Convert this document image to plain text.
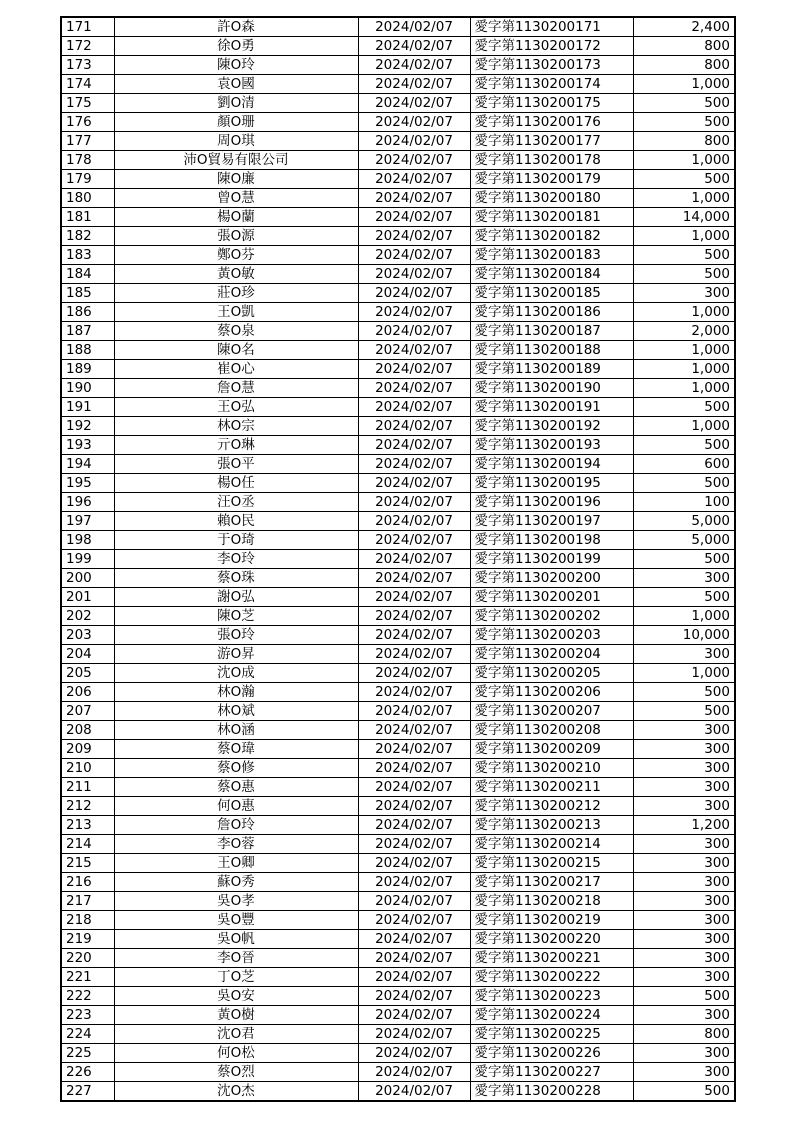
171	許O森	2024/02/07	愛字第1130200171	2,400
172	徐O勇	2024/02/07	愛字第1130200172	800
173	陳O玲	2024/02/07	愛字第1130200173	800
174	袁O國	2024/02/07	愛字第1130200174	1,000
175	劉O清	2024/02/07	愛字第1130200175	500
176	顏O珊	2024/02/07	愛字第1130200176	500
177	周O琪	2024/02/07	愛字第1130200177	800
178	沛O貿易有限公司	2024/02/07	愛字第1130200178	1,000
179	陳O廉	2024/02/07	愛字第1130200179	500
180	曾O慧	2024/02/07	愛字第1130200180	1,000
181	楊O蘭	2024/02/07	愛字第1130200181	14,000
182	張O源	2024/02/07	愛字第1130200182	1,000
183	鄭O芬	2024/02/07	愛字第1130200183	500
184	黃O敏	2024/02/07	愛字第1130200184	500
185	莊O珍	2024/02/07	愛字第1130200185	300
186	王O凱	2024/02/07	愛字第1130200186	1,000
187	蔡O泉	2024/02/07	愛字第1130200187	2,000
188	陳O名	2024/02/07	愛字第1130200188	1,000
189	崔O心	2024/02/07	愛字第1130200189	1,000
190	詹O慧	2024/02/07	愛字第1130200190	1,000
191	王O弘	2024/02/07	愛字第1130200191	500
192	林O宗	2024/02/07	愛字第1130200192	1,000
193	亓O琳	2024/02/07	愛字第1130200193	500
194	張O平	2024/02/07	愛字第1130200194	600
195	楊O任	2024/02/07	愛字第1130200195	500
196	汪O丞	2024/02/07	愛字第1130200196	100
197	賴O民	2024/02/07	愛字第1130200197	5,000
198	于O琦	2024/02/07	愛字第1130200198	5,000
199	李O玲	2024/02/07	愛字第1130200199	500
200	蔡O珠	2024/02/07	愛字第1130200200	300
201	謝O弘	2024/02/07	愛字第1130200201	500
202	陳O芝	2024/02/07	愛字第1130200202	1,000
203	張O玲	2024/02/07	愛字第1130200203	10,000
204	游O昇	2024/02/07	愛字第1130200204	300
205	沈O成	2024/02/07	愛字第1130200205	1,000
206	林O瀚	2024/02/07	愛字第1130200206	500
207	林O斌	2024/02/07	愛字第1130200207	500
208	林O涵	2024/02/07	愛字第1130200208	300
209	蔡O瑋	2024/02/07	愛字第1130200209	300
210	蔡O修	2024/02/07	愛字第1130200210	300
211	蔡O惠	2024/02/07	愛字第1130200211	300
212	何O惠	2024/02/07	愛字第1130200212	300
213	詹O玲	2024/02/07	愛字第1130200213	1,200
214	李O蓉	2024/02/07	愛字第1130200214	300
215	王O卿	2024/02/07	愛字第1130200215	300
216	蘇O秀	2024/02/07	愛字第1130200217	300
217	吳O孝	2024/02/07	愛字第1130200218	300
218	吳O豐	2024/02/07	愛字第1130200219	300
219	吳O帆	2024/02/07	愛字第1130200220	300
220	李O晉	2024/02/07	愛字第1130200221	300
221	丁O芝	2024/02/07	愛字第1130200222	300
222	吳O安	2024/02/07	愛字第1130200223	500
223	黃O樹	2024/02/07	愛字第1130200224	300
224	沈O君	2024/02/07	愛字第1130200225	800
225	何O松	2024/02/07	愛字第1130200226	300
226	蔡O烈	2024/02/07	愛字第1130200227	300
227	沈O杰	2024/02/07	愛字第1130200228	500
